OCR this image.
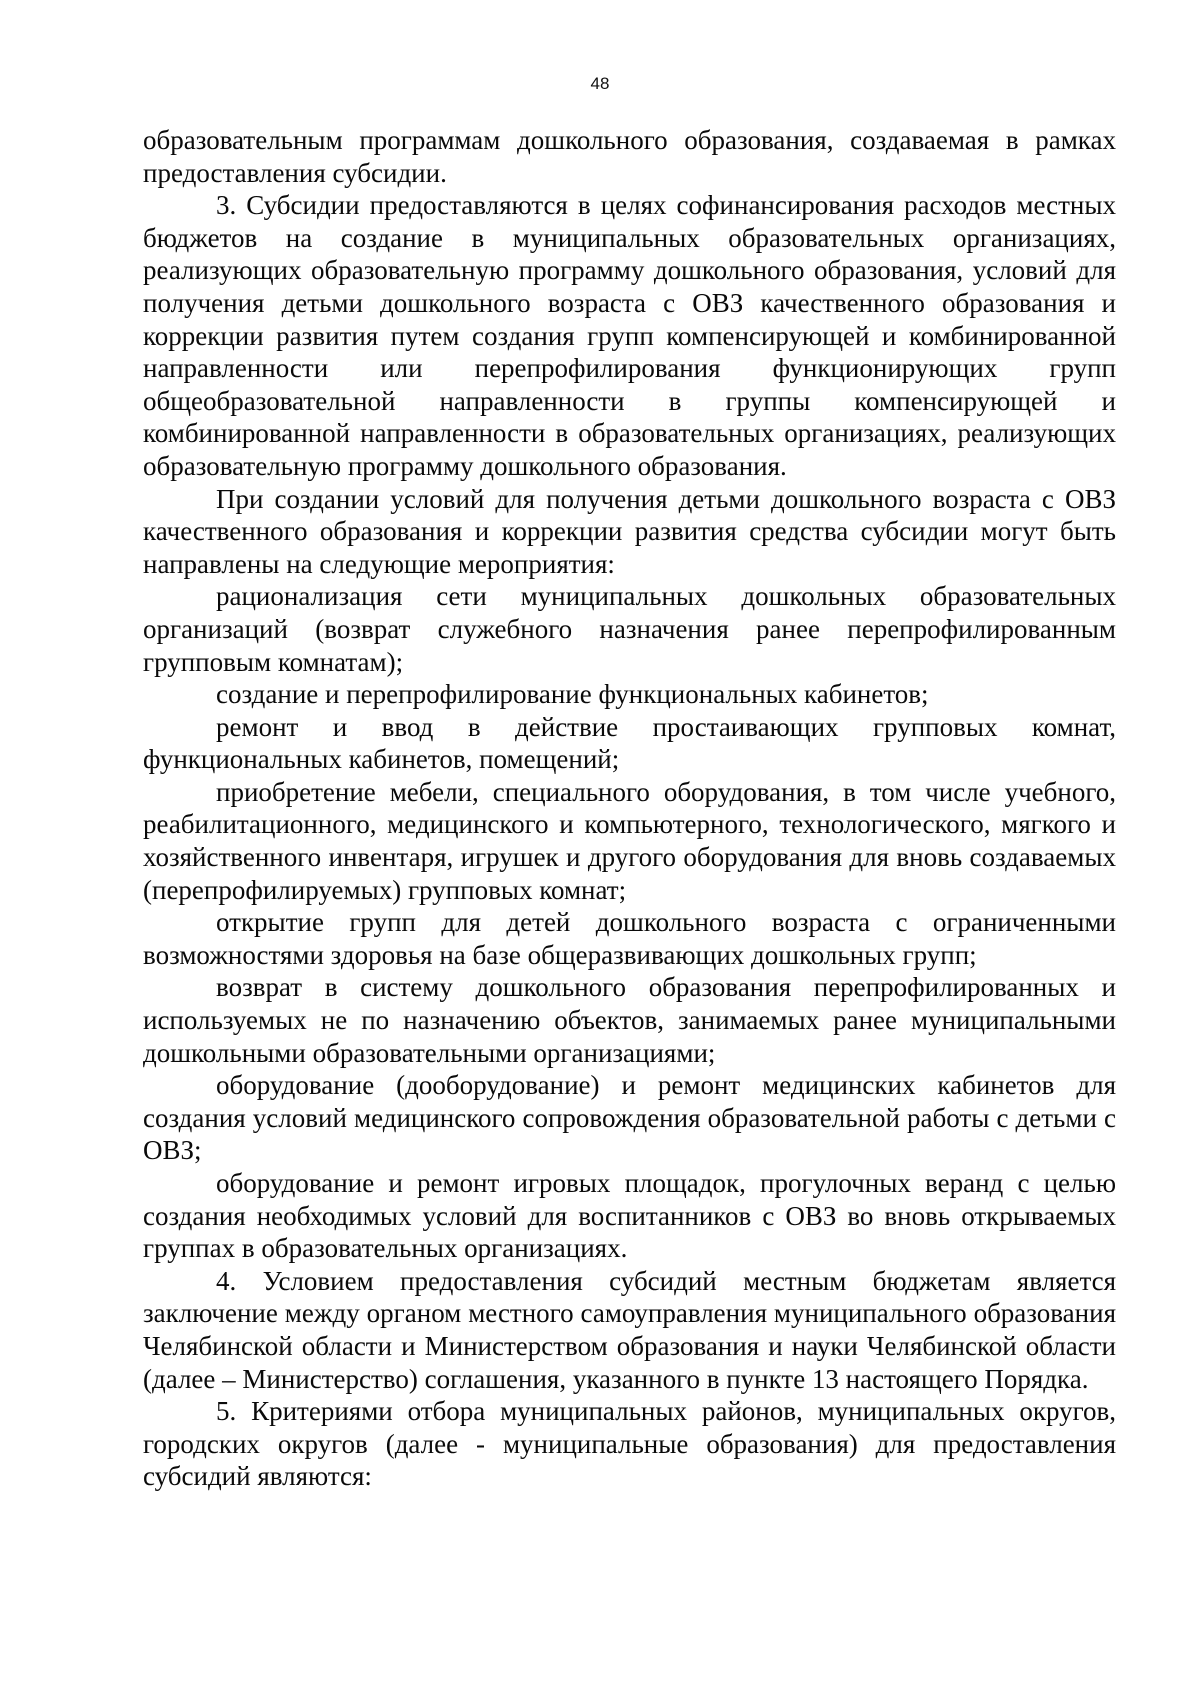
48

образовательным программам дошкольного образования, создаваемая в рамках предоставления субсидии.

3. Субсидии предоставляются в целях софинансирования расходов местных бюджетов на создание в муниципальных образовательных организациях, реализующих образовательную программу дошкольного образования, условий для получения детьми дошкольного возраста с ОВЗ качественного образования и коррекции развития путем создания групп компенсирующей и комбинированной направленности или перепрофилирования функционирующих групп общеобразовательной направленности в группы компенсирующей и комбинированной направленности в образовательных организациях, реализующих образовательную программу дошкольного образования.

При создании условий для получения детьми дошкольного возраста с ОВЗ качественного образования и коррекции развития средства субсидии могут быть направлены на следующие мероприятия:

рационализация сети муниципальных дошкольных образовательных организаций (возврат служебного назначения ранее перепрофилированным групповым комнатам);

создание и перепрофилирование функциональных кабинетов;

ремонт и ввод в действие простаивающих групповых комнат, функциональных кабинетов, помещений;

приобретение мебели, специального оборудования, в том числе учебного, реабилитационного, медицинского и компьютерного, технологического, мягкого и хозяйственного инвентаря, игрушек и другого оборудования для вновь создаваемых (перепрофилируемых) групповых комнат;

открытие групп для детей дошкольного возраста с ограниченными возможностями здоровья на базе общеразвивающих дошкольных групп;

возврат в систему дошкольного образования перепрофилированных и используемых не по назначению объектов, занимаемых ранее муниципальными дошкольными образовательными организациями;

оборудование (дооборудование) и ремонт медицинских кабинетов для создания условий медицинского сопровождения образовательной работы с детьми с ОВЗ;

оборудование и ремонт игровых площадок, прогулочных веранд с целью создания необходимых условий для воспитанников с ОВЗ во вновь открываемых группах в образовательных организациях.

4. Условием предоставления субсидий местным бюджетам является заключение между органом местного самоуправления муниципального образования Челябинской области и Министерством образования и науки Челябинской области (далее – Министерство) соглашения, указанного в пункте 13 настоящего Порядка.

5. Критериями отбора муниципальных районов, муниципальных округов, городских округов (далее - муниципальные образования) для предоставления субсидий являются:
